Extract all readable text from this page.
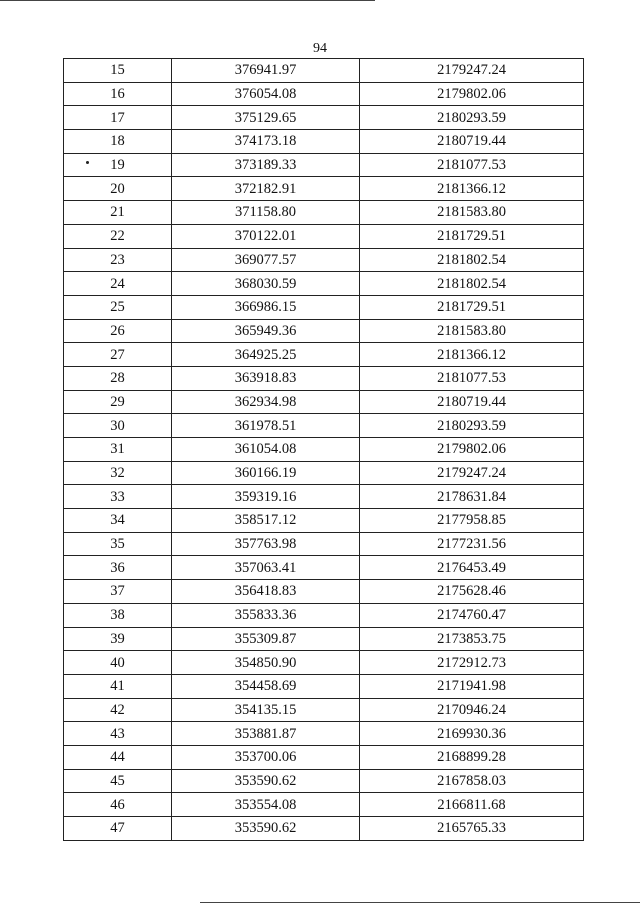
94
15	376941.97	2179247.24
16	376054.08	2179802.06
17	375129.65	2180293.59
18	374173.18	2180719.44
19	373189.33	2181077.53
20	372182.91	2181366.12
21	371158.80	2181583.80
22	370122.01	2181729.51
23	369077.57	2181802.54
24	368030.59	2181802.54
25	366986.15	2181729.51
26	365949.36	2181583.80
27	364925.25	2181366.12
28	363918.83	2181077.53
29	362934.98	2180719.44
30	361978.51	2180293.59
31	361054.08	2179802.06
32	360166.19	2179247.24
33	359319.16	2178631.84
34	358517.12	2177958.85
35	357763.98	2177231.56
36	357063.41	2176453.49
37	356418.83	2175628.46
38	355833.36	2174760.47
39	355309.87	2173853.75
40	354850.90	2172912.73
41	354458.69	2171941.98
42	354135.15	2170946.24
43	353881.87	2169930.36
44	353700.06	2168899.28
45	353590.62	2167858.03
46	353554.08	2166811.68
47	353590.62	2165765.33
